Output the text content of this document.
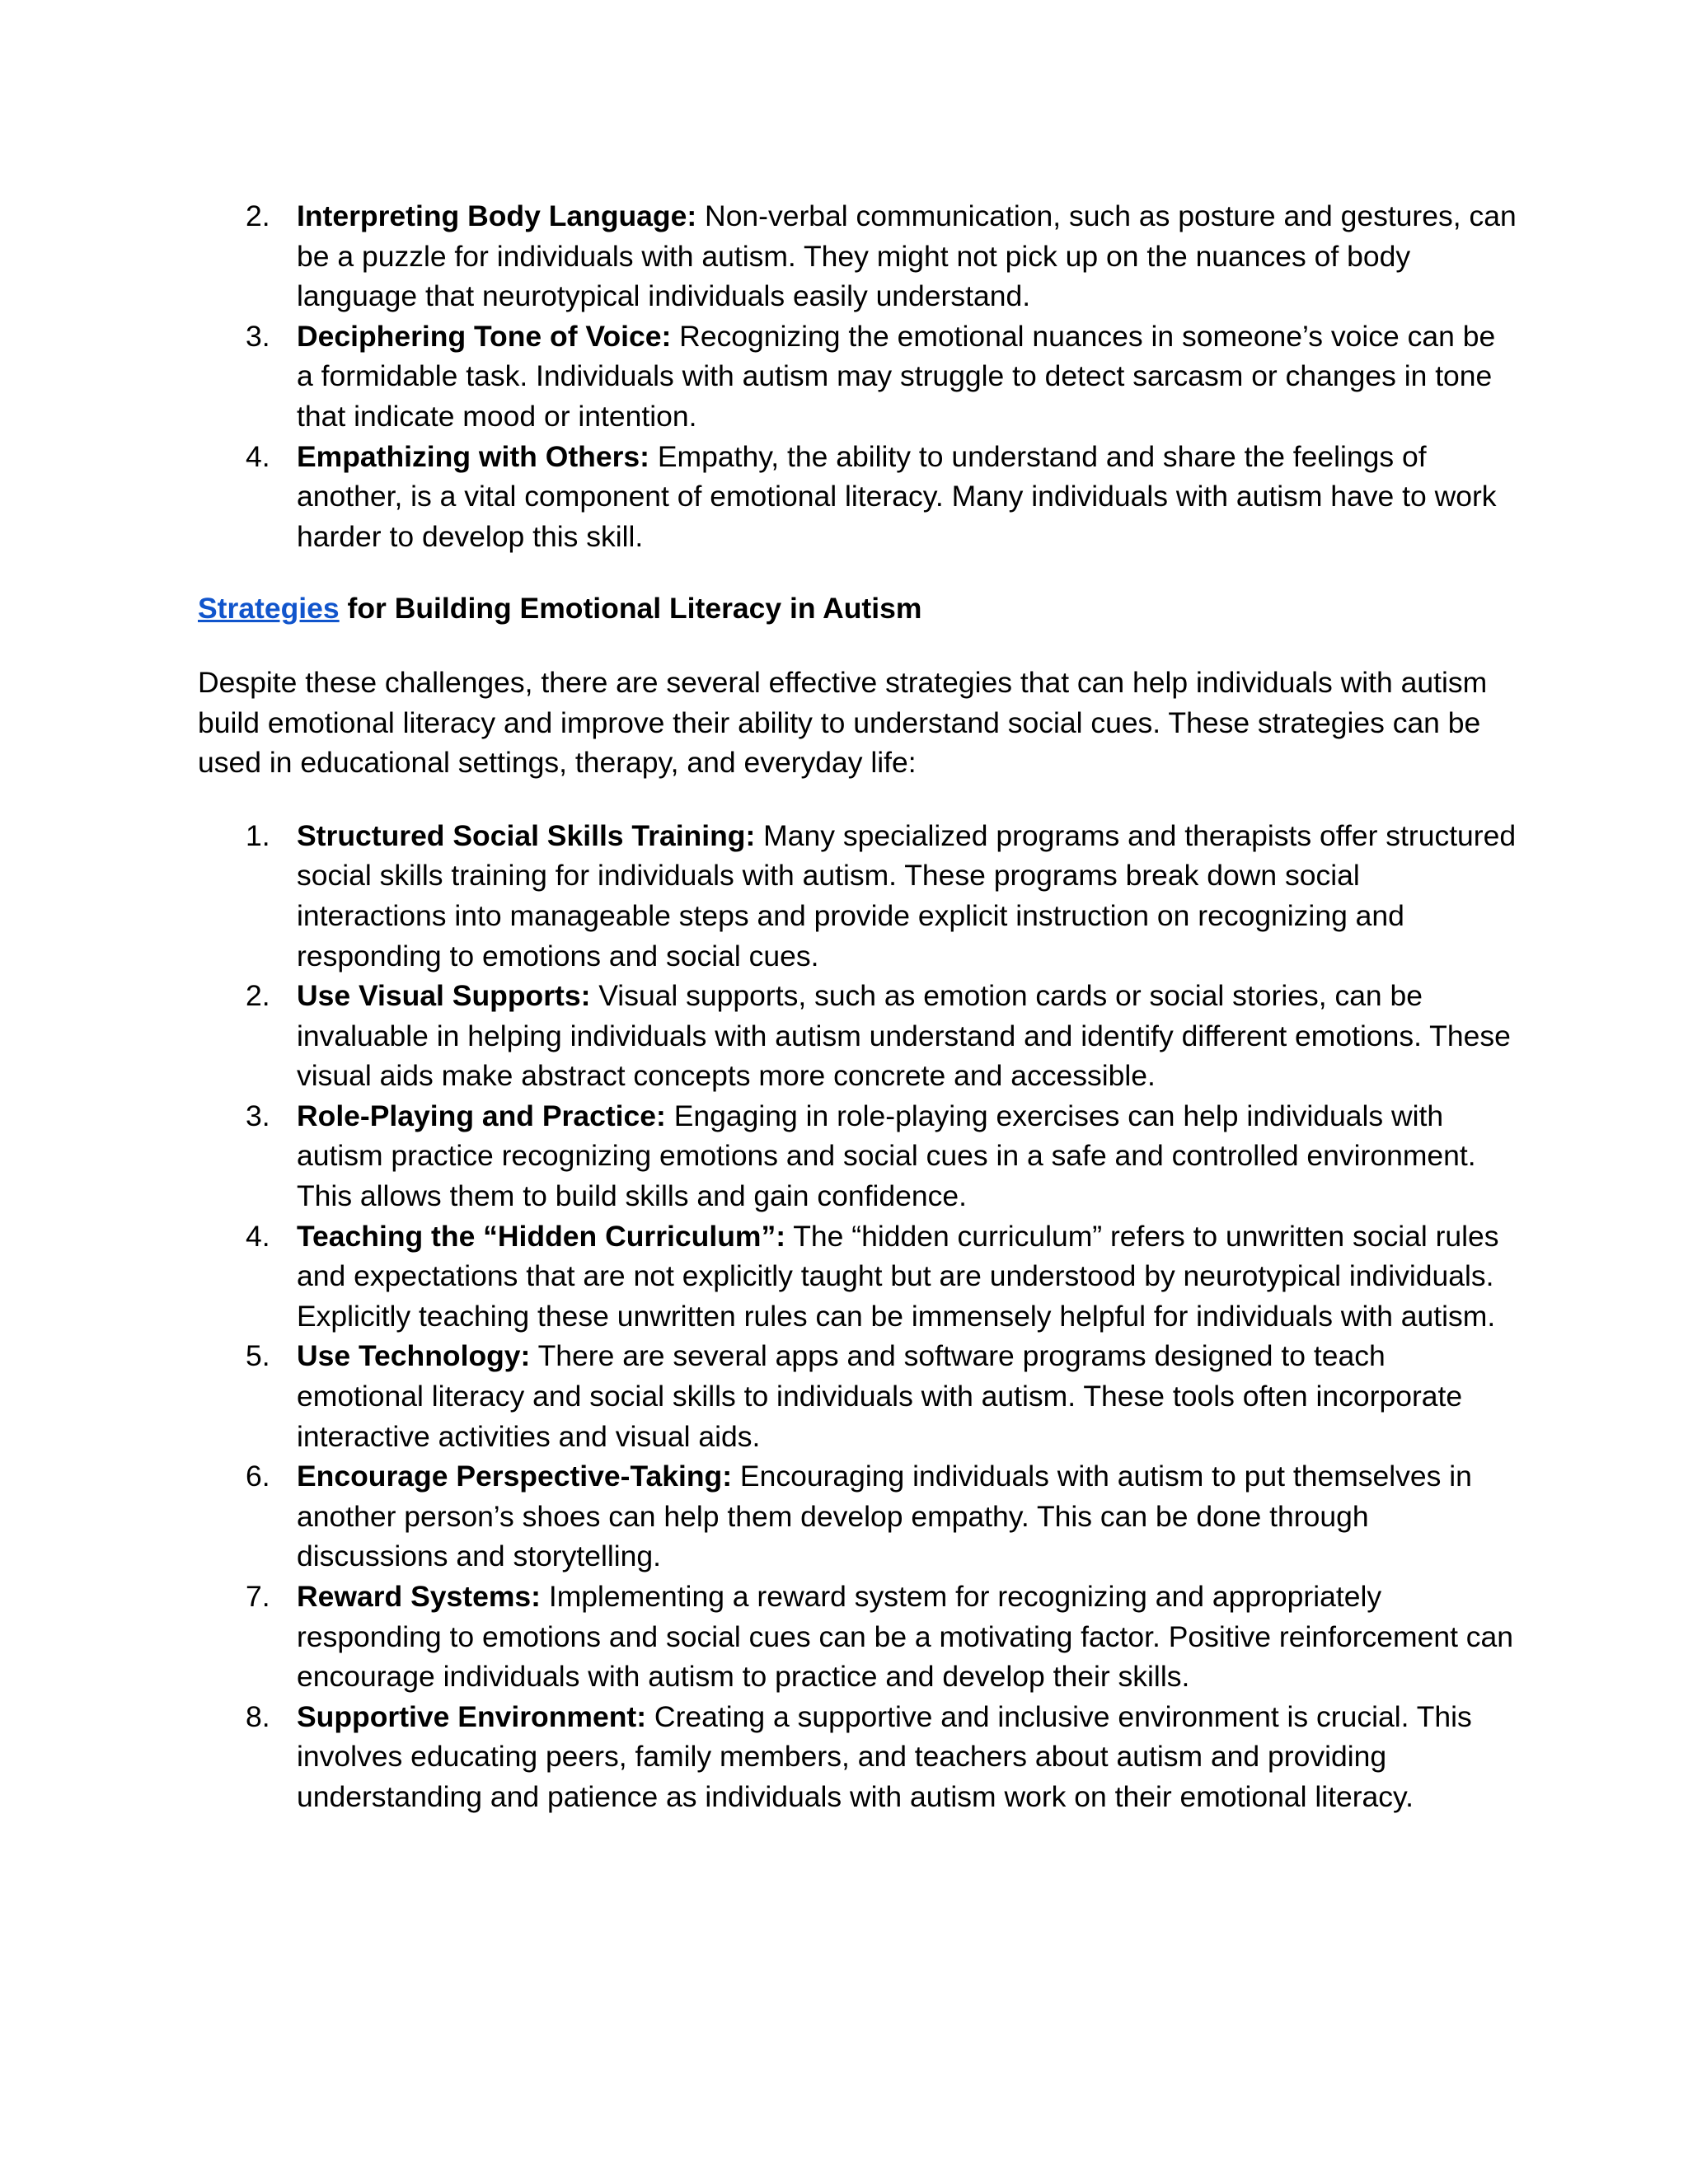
2. Interpreting Body Language: Non-verbal communication, such as posture and gestures, can be a puzzle for individuals with autism. They might not pick up on the nuances of body language that neurotypical individuals easily understand.
3. Deciphering Tone of Voice: Recognizing the emotional nuances in someone’s voice can be a formidable task. Individuals with autism may struggle to detect sarcasm or changes in tone that indicate mood or intention.
4. Empathizing with Others: Empathy, the ability to understand and share the feelings of another, is a vital component of emotional literacy. Many individuals with autism have to work harder to develop this skill.

Strategies for Building Emotional Literacy in Autism

Despite these challenges, there are several effective strategies that can help individuals with autism build emotional literacy and improve their ability to understand social cues. These strategies can be used in educational settings, therapy, and everyday life:

1. Structured Social Skills Training: Many specialized programs and therapists offer structured social skills training for individuals with autism. These programs break down social interactions into manageable steps and provide explicit instruction on recognizing and responding to emotions and social cues.
2. Use Visual Supports: Visual supports, such as emotion cards or social stories, can be invaluable in helping individuals with autism understand and identify different emotions. These visual aids make abstract concepts more concrete and accessible.
3. Role-Playing and Practice: Engaging in role-playing exercises can help individuals with autism practice recognizing emotions and social cues in a safe and controlled environment. This allows them to build skills and gain confidence.
4. Teaching the “Hidden Curriculum”: The “hidden curriculum” refers to unwritten social rules and expectations that are not explicitly taught but are understood by neurotypical individuals. Explicitly teaching these unwritten rules can be immensely helpful for individuals with autism.
5. Use Technology: There are several apps and software programs designed to teach emotional literacy and social skills to individuals with autism. These tools often incorporate interactive activities and visual aids.
6. Encourage Perspective-Taking: Encouraging individuals with autism to put themselves in another person’s shoes can help them develop empathy. This can be done through discussions and storytelling.
7. Reward Systems: Implementing a reward system for recognizing and appropriately responding to emotions and social cues can be a motivating factor. Positive reinforcement can encourage individuals with autism to practice and develop their skills.
8. Supportive Environment: Creating a supportive and inclusive environment is crucial. This involves educating peers, family members, and teachers about autism and providing understanding and patience as individuals with autism work on their emotional literacy.
